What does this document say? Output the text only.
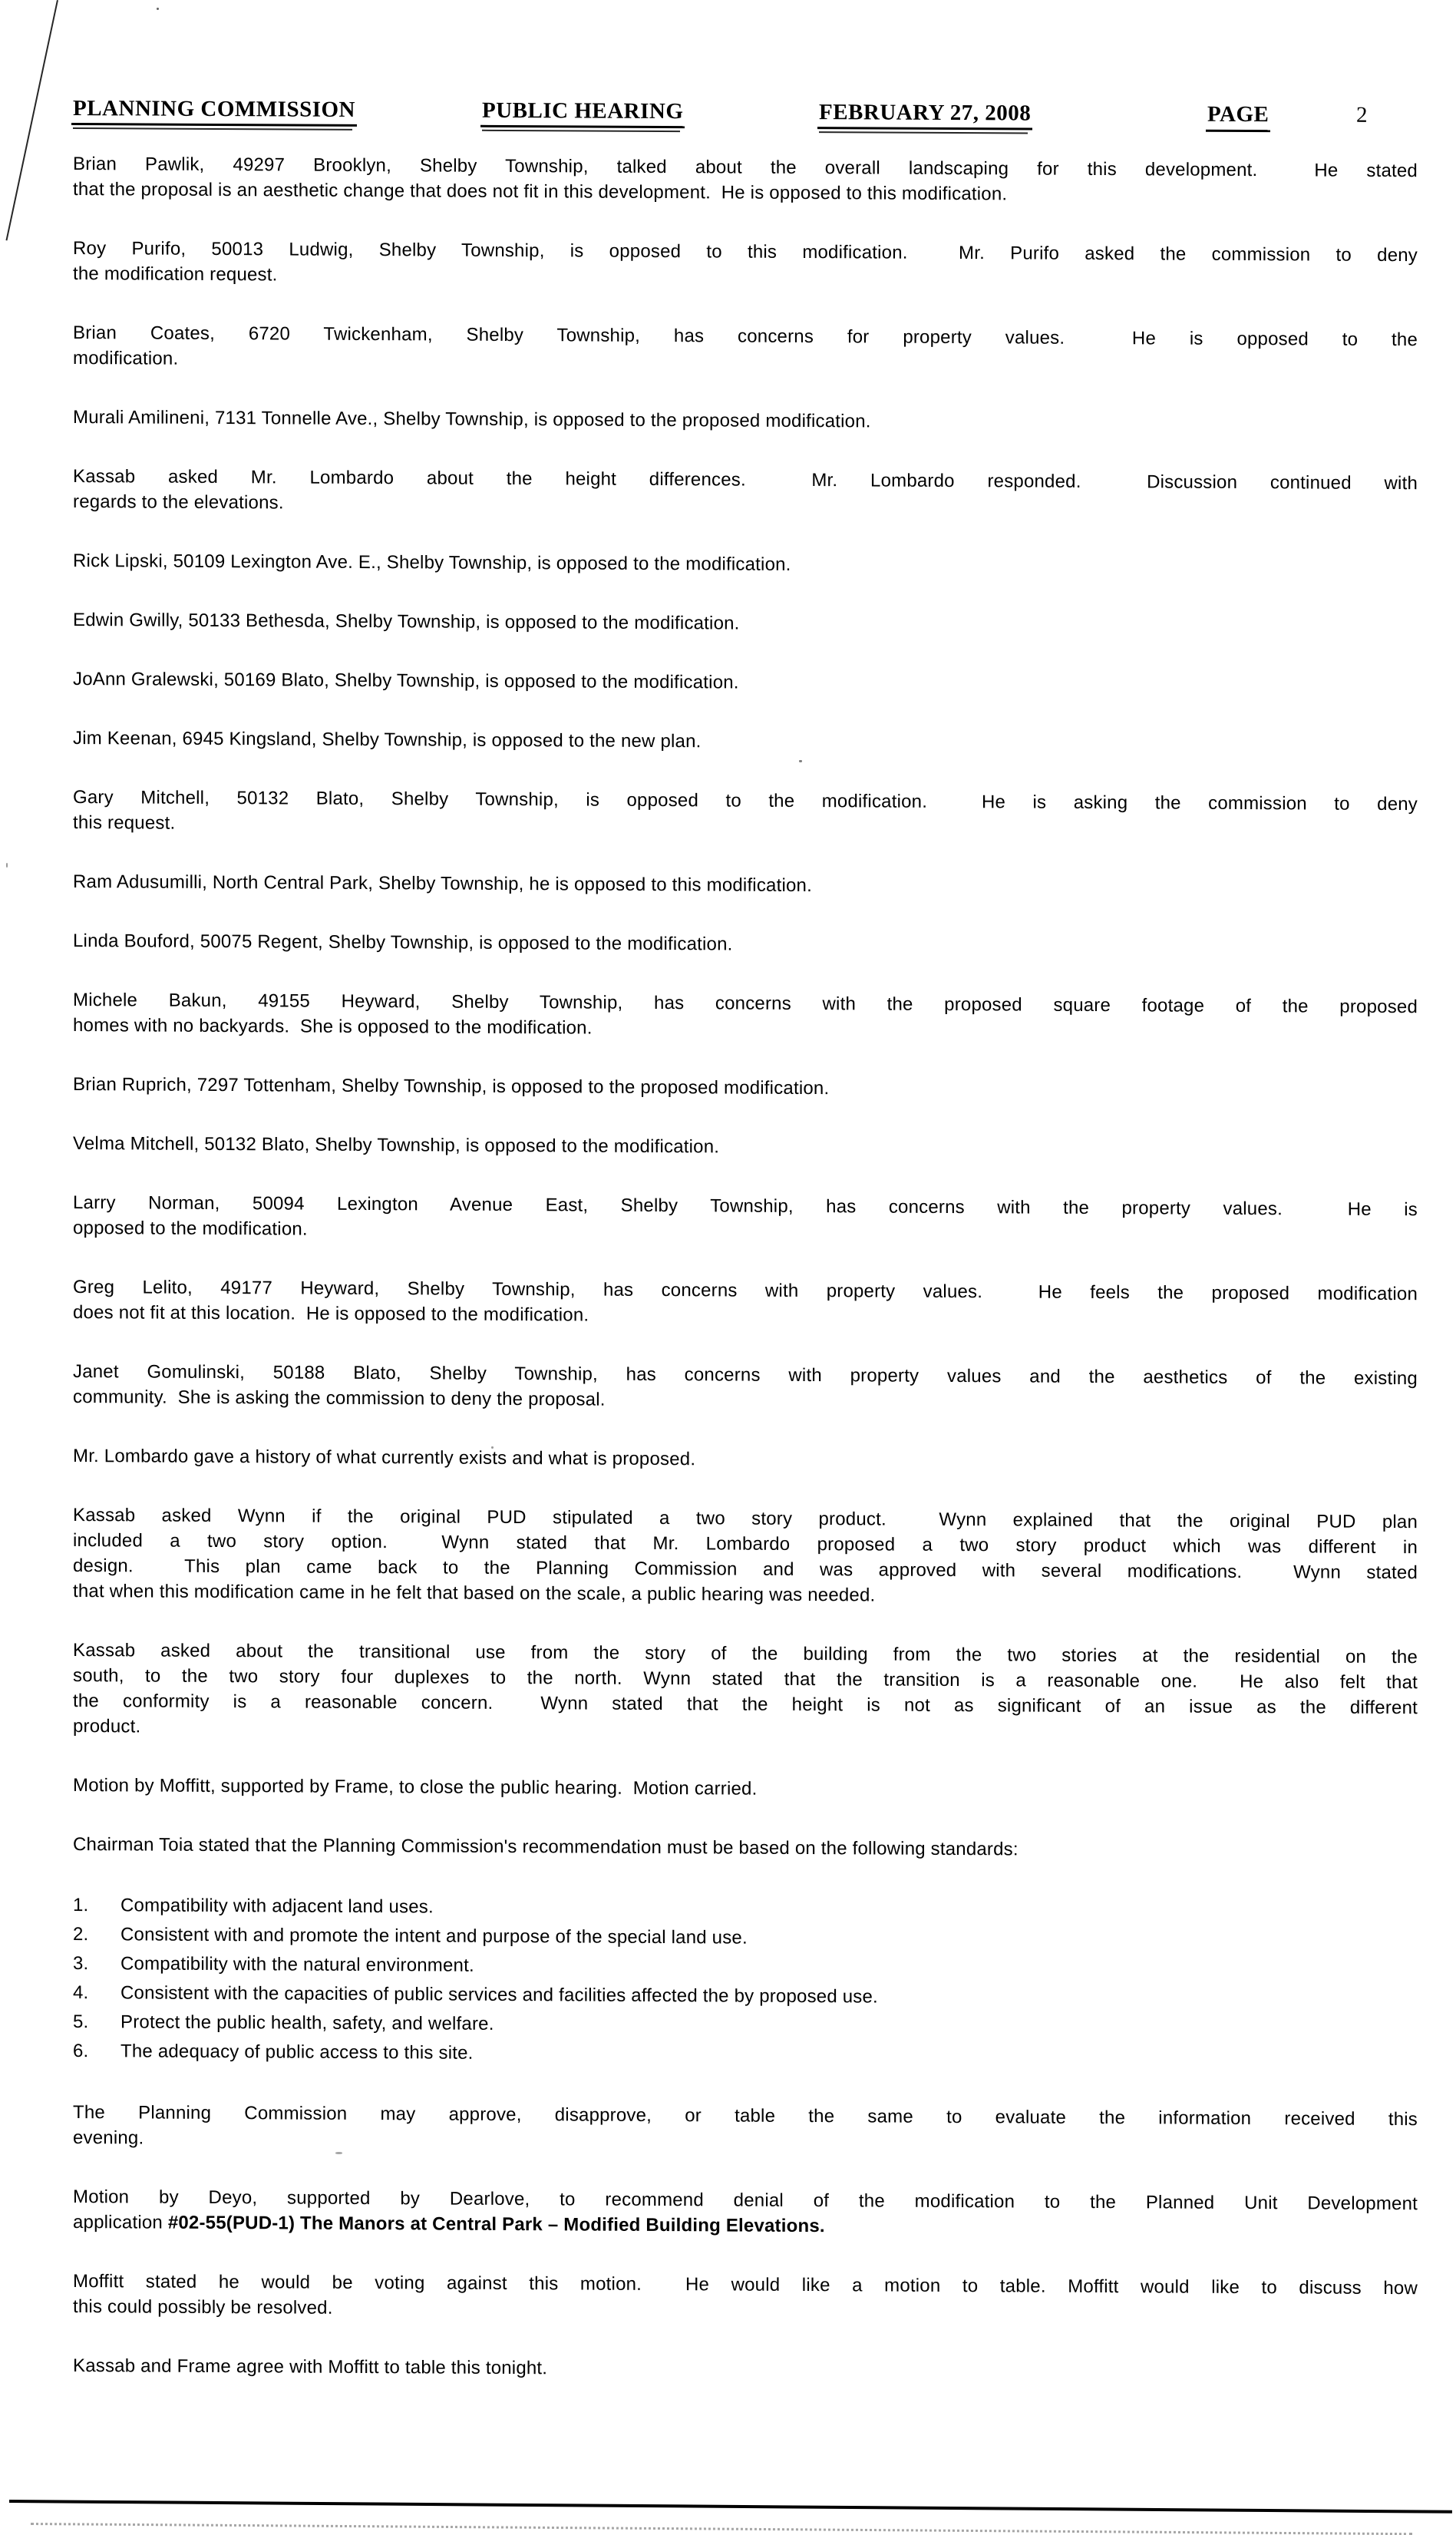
PLANNING COMMISSION	PUBLIC HEARING	FEBRUARY 27, 2008	PAGE	2
Brian Pawlik, 49297 Brooklyn, Shelby Township, talked about the overall landscaping for this development.  He stated
that the proposal is an aesthetic change that does not fit in this development.  He is opposed to this modification.
Roy Purifo, 50013 Ludwig, Shelby Township, is opposed to this modification.  Mr. Purifo asked the commission to deny
the modification request.
Brian Coates, 6720 Twickenham, Shelby Township, has concerns for property values.  He is opposed to the
modification.
Murali Amilineni, 7131 Tonnelle Ave., Shelby Township, is opposed to the proposed modification.
Kassab asked Mr. Lombardo about the height differences.  Mr. Lombardo responded.  Discussion continued with
regards to the elevations.
Rick Lipski, 50109 Lexington Ave. E., Shelby Township, is opposed to the modification.
Edwin Gwilly, 50133 Bethesda, Shelby Township, is opposed to the modification.
JoAnn Gralewski, 50169 Blato, Shelby Township, is opposed to the modification.
Jim Keenan, 6945 Kingsland, Shelby Township, is opposed to the new plan.
Gary Mitchell, 50132 Blato, Shelby Township, is opposed to the modification.  He is asking the commission to deny
this request.
Ram Adusumilli, North Central Park, Shelby Township, he is opposed to this modification.
Linda Bouford, 50075 Regent, Shelby Township, is opposed to the modification.
Michele Bakun, 49155 Heyward, Shelby Township, has concerns with the proposed square footage of the proposed
homes with no backyards.  She is opposed to the modification.
Brian Ruprich, 7297 Tottenham, Shelby Township, is opposed to the proposed modification.
Velma Mitchell, 50132 Blato, Shelby Township, is opposed to the modification.
Larry Norman, 50094 Lexington Avenue East, Shelby Township, has concerns with the property values.  He is
opposed to the modification.
Greg Lelito, 49177 Heyward, Shelby Township, has concerns with property values.  He feels the proposed modification
does not fit at this location.  He is opposed to the modification.
Janet Gomulinski, 50188 Blato, Shelby Township, has concerns with property values and the aesthetics of the existing
community.  She is asking the commission to deny the proposal.
Mr. Lombardo gave a history of what currently exists and what is proposed.
Kassab asked Wynn if the original PUD stipulated a two story product.  Wynn explained that the original PUD plan
included a two story option.  Wynn stated that Mr. Lombardo proposed a two story product which was different in
design.  This plan came back to the Planning Commission and was approved with several modifications.  Wynn stated
that when this modification came in he felt that based on the scale, a public hearing was needed.
Kassab asked about the transitional use from the story of the building from the two stories at the residential on the
south, to the two story four duplexes to the north. Wynn stated that the transition is a reasonable one.  He also felt that
the conformity is a reasonable concern.  Wynn stated that the height is not as significant of an issue as the different
product.
Motion by Moffitt, supported by Frame, to close the public hearing.  Motion carried.
Chairman Toia stated that the Planning Commission's recommendation must be based on the following standards:
1.	Compatibility with adjacent land uses.
2.	Consistent with and promote the intent and purpose of the special land use.
3.	Compatibility with the natural environment.
4.	Consistent with the capacities of public services and facilities affected the by proposed use.
5.	Protect the public health, safety, and welfare.
6.	The adequacy of public access to this site.
The Planning Commission may approve, disapprove, or table the same to evaluate the information received this
evening.
Motion by Deyo, supported by Dearlove, to recommend denial of the modification to the Planned Unit Development
application #02-55(PUD-1) The Manors at Central Park – Modified Building Elevations.
Moffitt stated he would be voting against this motion.  He would like a motion to table. Moffitt would like to discuss how
this could possibly be resolved.
Kassab and Frame agree with Moffitt to table this tonight.
